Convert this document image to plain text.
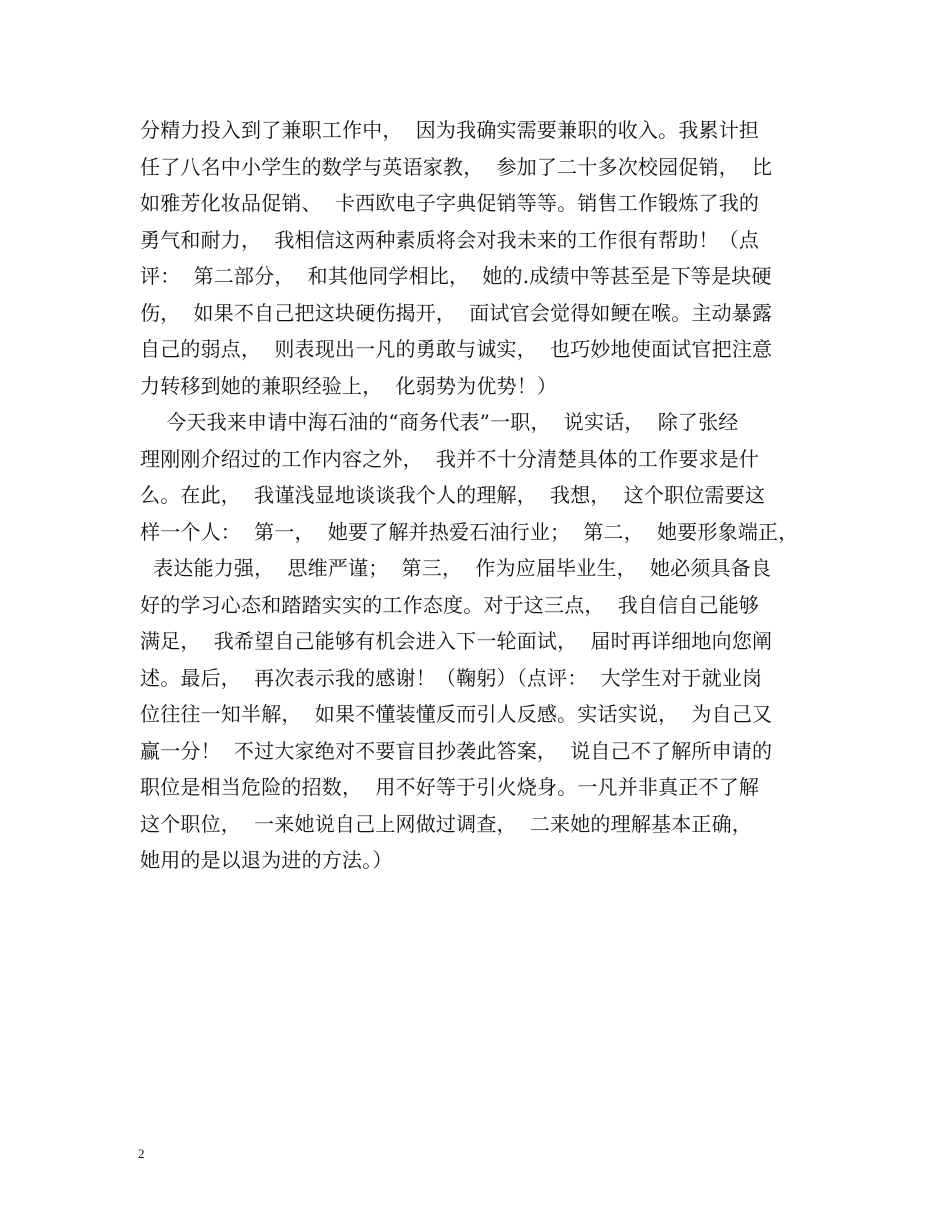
分精力投入到了兼职工作中，  因为我确实需要兼职的收入。我累计担
任了八名中小学生的数学与英语家教，  参加了二十多次校园促销，  比
如雅芳化妆品促销、  卡西欧电子字典促销等等。销售工作锻炼了我的
勇气和耐力，  我相信这两种素质将会对我未来的工作很有帮助！（点
评：  第二部分，  和其他同学相比，  她的.成绩中等甚至是下等是块硬
伤，  如果不自己把这块硬伤揭开，  面试官会觉得如鲠在喉。主动暴露
自己的弱点，  则表现出一凡的勇敢与诚实，  也巧妙地使面试官把注意
力转移到她的兼职经验上，  化弱势为优势！）
今天我来申请中海石油的“商务代表”一职，  说实话，  除了张经
理刚刚介绍过的工作内容之外，  我并不十分清楚具体的工作要求是什
么。在此，  我谨浅显地谈谈我个人的理解，  我想，  这个职位需要这
样一个人：  第一，  她要了解并热爱石油行业；  第二，  她要形象端正，
表达能力强，  思维严谨；  第三，  作为应届毕业生，  她必须具备良
好的学习心态和踏踏实实的工作态度。对于这三点，  我自信自己能够
满足，  我希望自己能够有机会进入下一轮面试，  届时再详细地向您阐
述。最后，  再次表示我的感谢！（鞠躬）（点评：  大学生对于就业岗
位往往一知半解，  如果不懂装懂反而引人反感。实话实说，  为自己又
赢一分！  不过大家绝对不要盲目抄袭此答案，  说自己不了解所申请的
职位是相当危险的招数，  用不好等于引火烧身。一凡并非真正不了解
这个职位，  一来她说自己上网做过调查，  二来她的理解基本正确，
她用的是以退为进的方法。）
2
